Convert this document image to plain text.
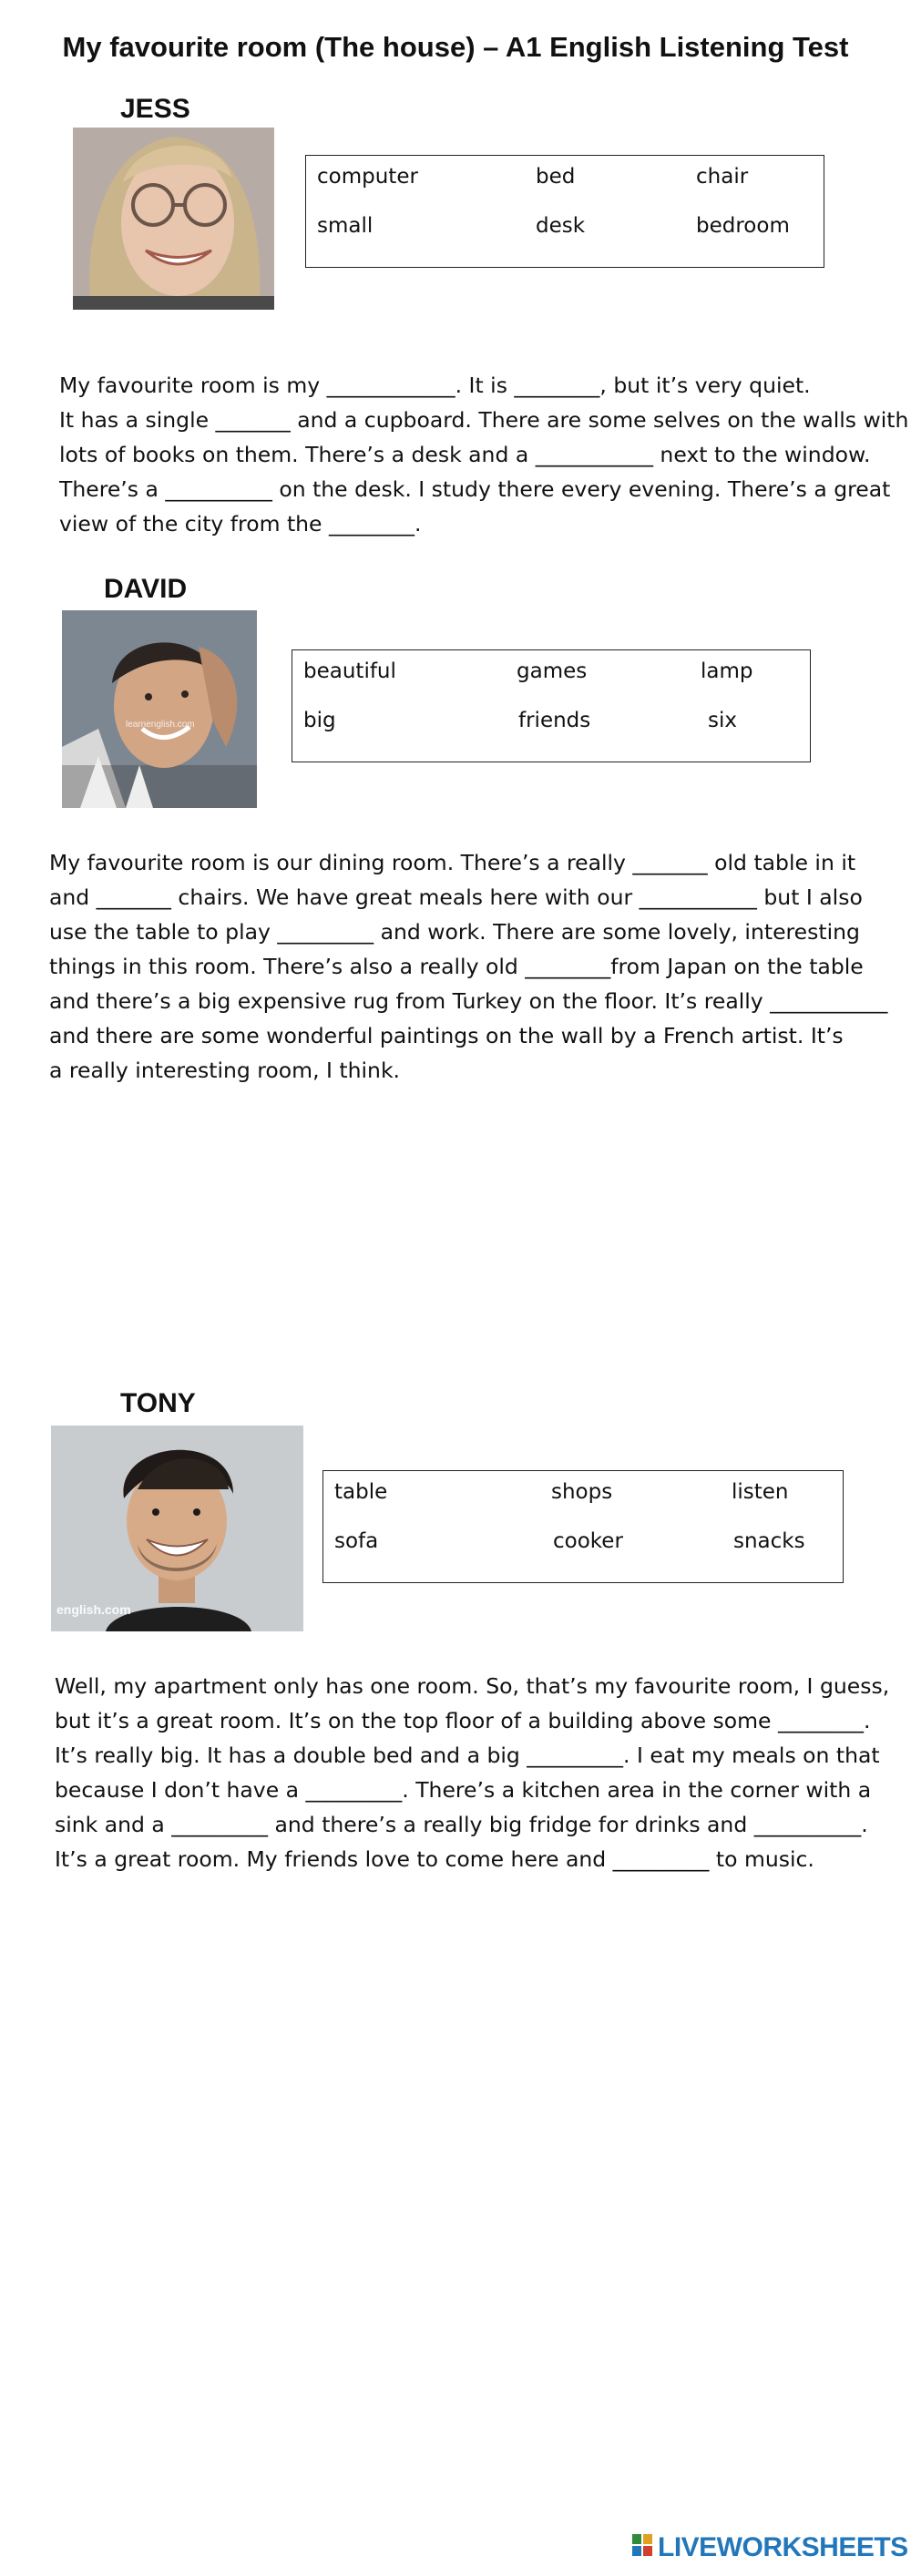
My favourite room (The house) – A1 English Listening Test
JESS
computer	bed	chair
small	desk	bedroom
My favourite room is my ____________. It is ________, but it’s very quiet.
It has a single _______ and a cupboard. There are some selves on the walls with
lots of books on them. There’s a desk and a ___________ next to the window.
There’s a __________ on the desk. I study there every evening. There’s a great
view of the city from the ________.
DAVID
learnenglish.com
beautiful	games	lamp
big	friends	six
My favourite room is our dining room. There’s a really _______ old table in it
and _______ chairs. We have great meals here with our ___________ but I also
use the table to play _________ and work. There are some lovely, interesting
things in this room. There’s also a really old ________from Japan on the table
and there’s a big expensive rug from Turkey on the floor. It’s really ___________
and there are some wonderful paintings on the wall by a French artist. It’s
a really interesting room, I think.
TONY
english.com
table	shops	listen
sofa	cooker	snacks
Well, my apartment only has one room. So, that’s my favourite room, I guess,
but it’s a great room. It’s on the top floor of a building above some ________.
It’s really big. It has a double bed and a big _________. I eat my meals on that
because I don’t have a _________. There’s a kitchen area in the corner with a
sink and a _________ and there’s a really big fridge for drinks and __________.
It’s a great room. My friends love to come here and _________ to music.
LIVEWORKSHEETS
